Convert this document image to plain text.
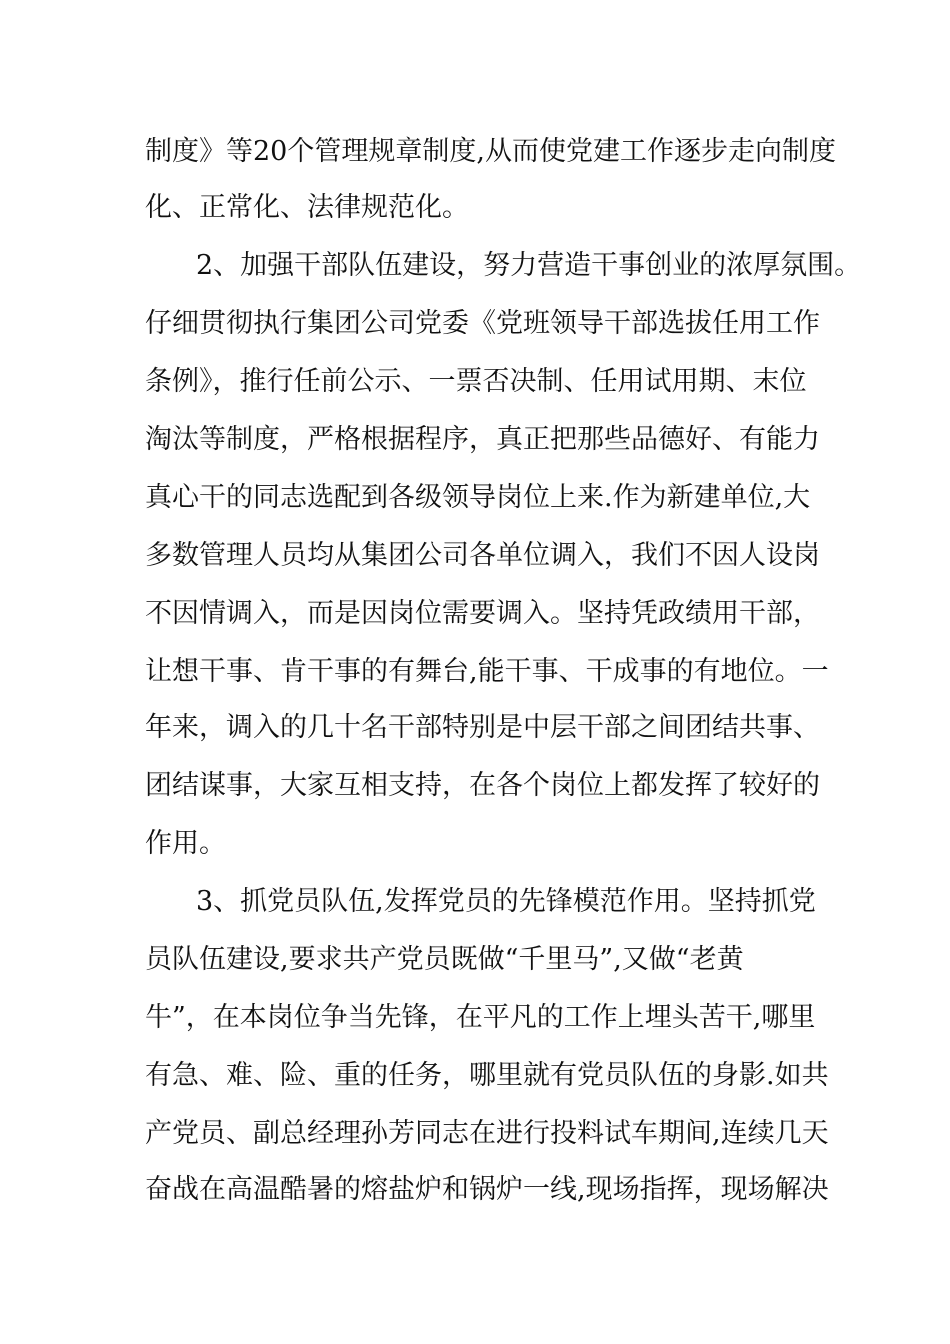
制度》等20个管理规章制度,从而使党建工作逐步走向制度

化、正常化、法律规范化。

2、加强干部队伍建设，努力营造干事创业的浓厚氛围。

仔细贯彻执行集团公司党委《党班领导干部选拔任用工作

条例》，推行任前公示、一票否决制、任用试用期、末位

淘汰等制度，严格根据程序，真正把那些品德好、有能力

真心干的同志选配到各级领导岗位上来.作为新建单位,大

多数管理人员均从集团公司各单位调入，我们不因人设岗

不因情调入，而是因岗位需要调入。坚持凭政绩用干部，

让想干事、肯干事的有舞台,能干事、干成事的有地位。一

年来，调入的几十名干部特别是中层干部之间团结共事、

团结谋事，大家互相支持，在各个岗位上都发挥了较好的

作用。

3、抓党员队伍,发挥党员的先锋模范作用。坚持抓党

员队伍建设,要求共产党员既做“千里马”,又做“老黄

牛”，在本岗位争当先锋，在平凡的工作上埋头苦干,哪里

有急、难、险、重的任务，哪里就有党员队伍的身影.如共

产党员、副总经理孙芳同志在进行投料试车期间,连续几天

奋战在高温酷暑的熔盐炉和锅炉一线,现场指挥，现场解决
